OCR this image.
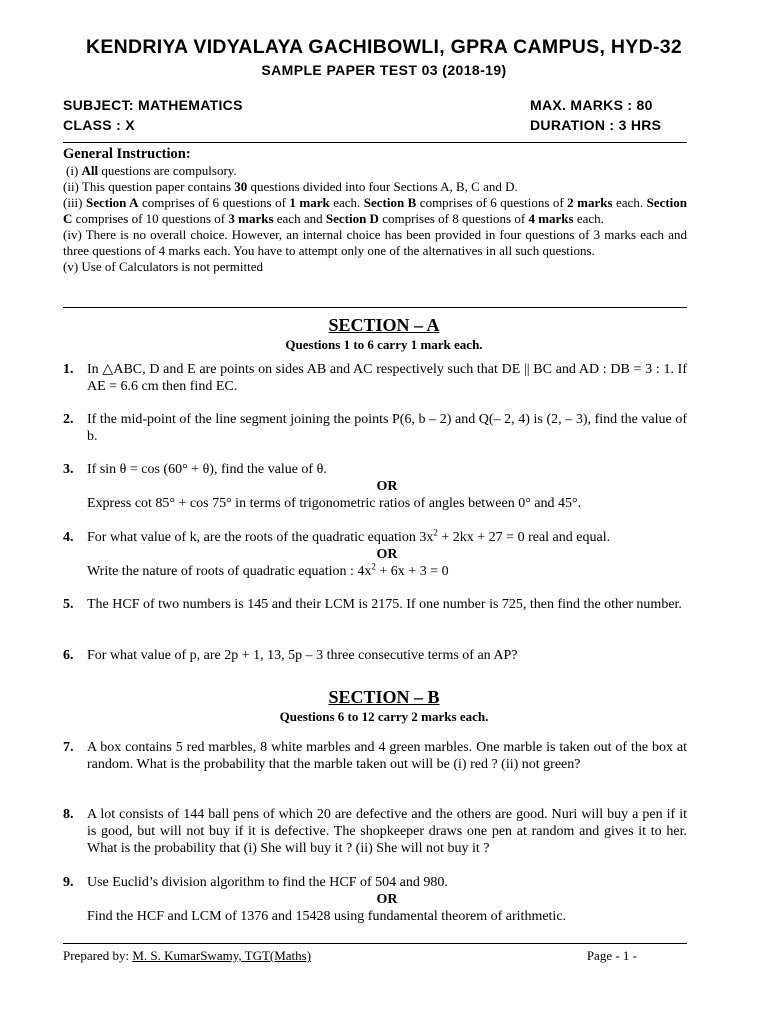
KENDRIYA VIDYALAYA GACHIBOWLI, GPRA CAMPUS, HYD-32
SAMPLE PAPER TEST 03 (2018-19)
SUBJECT: MATHEMATICS	MAX. MARKS : 80
CLASS : X	DURATION : 3 HRS
General Instruction:
(i) All questions are compulsory.
(ii) This question paper contains 30 questions divided into four Sections A, B, C and D.
(iii) Section A comprises of 6 questions of 1 mark each. Section B comprises of 6 questions of 2 marks each. Section C comprises of 10 questions of 3 marks each and Section D comprises of 8 questions of 4 marks each.
(iv) There is no overall choice. However, an internal choice has been provided in four questions of 3 marks each and three questions of 4 marks each. You have to attempt only one of the alternatives in all such questions.
(v) Use of Calculators is not permitted
SECTION – A
Questions 1 to 6 carry 1 mark each.
1. In △ABC, D and E are points on sides AB and AC respectively such that DE || BC and AD : DB = 3 : 1. If AE = 6.6 cm then find EC.
2. If the mid-point of the line segment joining the points P(6, b – 2) and Q(– 2, 4) is (2, – 3), find the value of b.
3. If sin θ = cos (60° + θ), find the value of θ.
OR
Express cot 85° + cos 75° in terms of trigonometric ratios of angles between 0° and 45°.
4. For what value of k, are the roots of the quadratic equation $3x^2 + 2kx + 27 = 0$ real and equal.
OR
Write the nature of roots of quadratic equation : $4x^2 + 6x + 3 = 0$
5. The HCF of two numbers is 145 and their LCM is 2175. If one number is 725, then find the other number.
6. For what value of p, are 2p + 1, 13, 5p – 3 three consecutive terms of an AP?
SECTION – B
Questions 6 to 12 carry 2 marks each.
7. A box contains 5 red marbles, 8 white marbles and 4 green marbles. One marble is taken out of the box at random. What is the probability that the marble taken out will be (i) red ? (ii) not green?
8. A lot consists of 144 ball pens of which 20 are defective and the others are good. Nuri will buy a pen if it is good, but will not buy if it is defective. The shopkeeper draws one pen at random and gives it to her. What is the probability that (i) She will buy it ? (ii) She will not buy it ?
9. Use Euclid’s division algorithm to find the HCF of 504 and 980.
OR
Find the HCF and LCM of 1376 and 15428 using fundamental theorem of arithmetic.
Prepared by: M. S. KumarSwamy, TGT(Maths)	Page - 1 -
